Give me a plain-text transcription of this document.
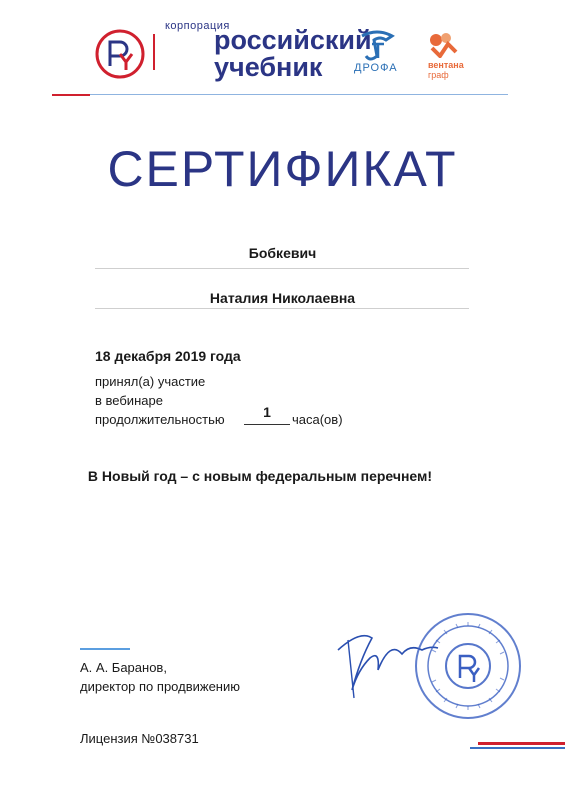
корпорация
российский
учебник	ДРОФА	вентана
граф
СЕРТИФИКАТ
Бобкевич
Наталия Николаевна
18 декабря 2019 года
принял(а) участие
в вебинаре
продолжительностью	1	часа(ов)
В Новый год – с новым федеральным перечнем!
А. А. Баранов,
директор по продвижению
Лицензия №038731
